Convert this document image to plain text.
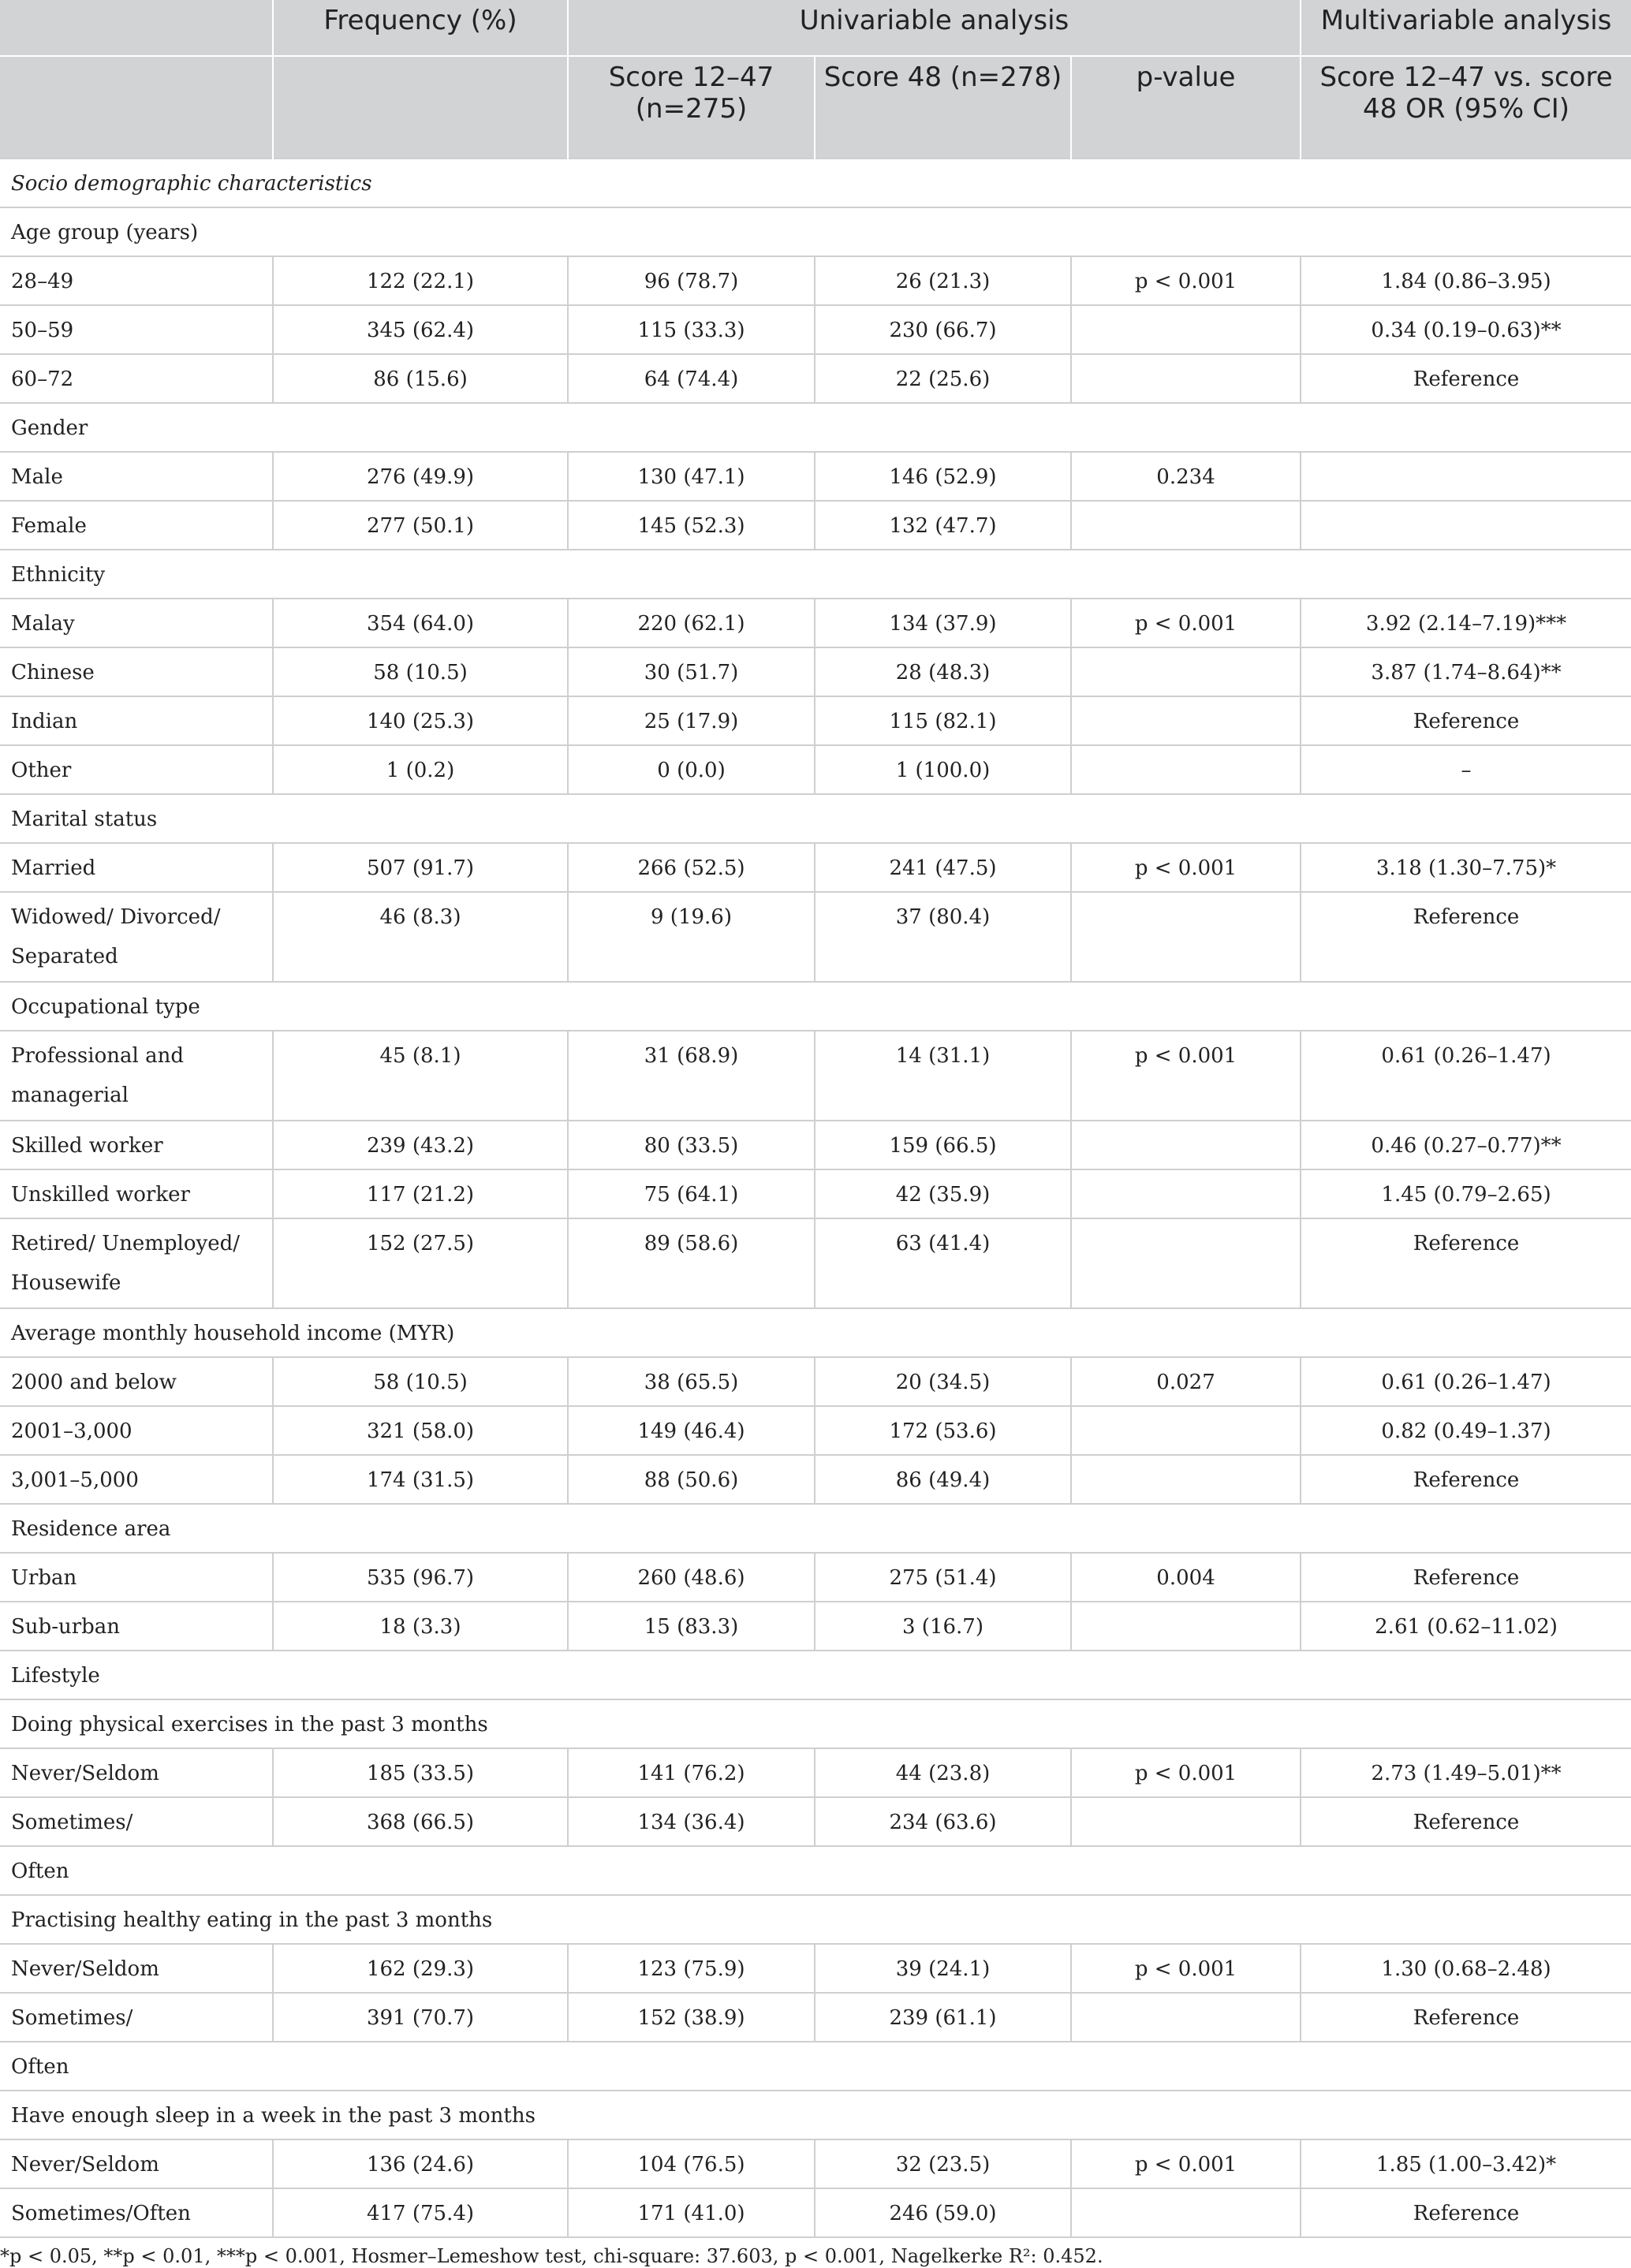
	Frequency (%)	Univariable analysis			Multivariable analysis
		Score 12–47 (n=275)	Score 48 (n=278)	p-value	Score 12–47 vs. score 48 OR (95% CI)
Socio demographic characteristics					
Age group (years)					
28–49	122 (22.1)	96 (78.7)	26 (21.3)	p < 0.001	1.84 (0.86–3.95)
50–59	345 (62.4)	115 (33.3)	230 (66.7)		0.34 (0.19–0.63)**
60–72	86 (15.6)	64 (74.4)	22 (25.6)		Reference
Gender					
Male	276 (49.9)	130 (47.1)	146 (52.9)	0.234	
Female	277 (50.1)	145 (52.3)	132 (47.7)		
Ethnicity					
Malay	354 (64.0)	220 (62.1)	134 (37.9)	p < 0.001	3.92 (2.14–7.19)***
Chinese	58 (10.5)	30 (51.7)	28 (48.3)		3.87 (1.74–8.64)**
Indian	140 (25.3)	25 (17.9)	115 (82.1)		Reference
Other	1 (0.2)	0 (0.0)	1 (100.0)		–
Marital status					
Married	507 (91.7)	266 (52.5)	241 (47.5)	p < 0.001	3.18 (1.30–7.75)*
Widowed/ Divorced/ Separated	46 (8.3)	9 (19.6)	37 (80.4)		Reference
Occupational type					
Professional and managerial	45 (8.1)	31 (68.9)	14 (31.1)	p < 0.001	0.61 (0.26–1.47)
Skilled worker	239 (43.2)	80 (33.5)	159 (66.5)		0.46 (0.27–0.77)**
Unskilled worker	117 (21.2)	75 (64.1)	42 (35.9)		1.45 (0.79–2.65)
Retired/ Unemployed/ Housewife	152 (27.5)	89 (58.6)	63 (41.4)		Reference
Average monthly household income (MYR)					
2000 and below	58 (10.5)	38 (65.5)	20 (34.5)	0.027	0.61 (0.26–1.47)
2001–3,000	321 (58.0)	149 (46.4)	172 (53.6)		0.82 (0.49–1.37)
3,001–5,000	174 (31.5)	88 (50.6)	86 (49.4)		Reference
Residence area					
Urban	535 (96.7)	260 (48.6)	275 (51.4)	0.004	Reference
Sub-urban	18 (3.3)	15 (83.3)	3 (16.7)		2.61 (0.62–11.02)
Lifestyle					
Doing physical exercises in the past 3 months					
Never/Seldom	185 (33.5)	141 (76.2)	44 (23.8)	p < 0.001	2.73 (1.49–5.01)**
Sometimes/	368 (66.5)	134 (36.4)	234 (63.6)		Reference
Often					
Practising healthy eating in the past 3 months					
Never/Seldom	162 (29.3)	123 (75.9)	39 (24.1)	p < 0.001	1.30 (0.68–2.48)
Sometimes/	391 (70.7)	152 (38.9)	239 (61.1)		Reference
Often					
Have enough sleep in a week in the past 3 months					
Never/Seldom	136 (24.6)	104 (76.5)	32 (23.5)	p < 0.001	1.85 (1.00–3.42)*
Sometimes/Often	417 (75.4)	171 (41.0)	246 (59.0)		Reference
*p < 0.05, **p < 0.01, ***p < 0.001, Hosmer–Lemeshow test, chi-square: 37.603, p < 0.001, Nagelkerke R²: 0.452.
